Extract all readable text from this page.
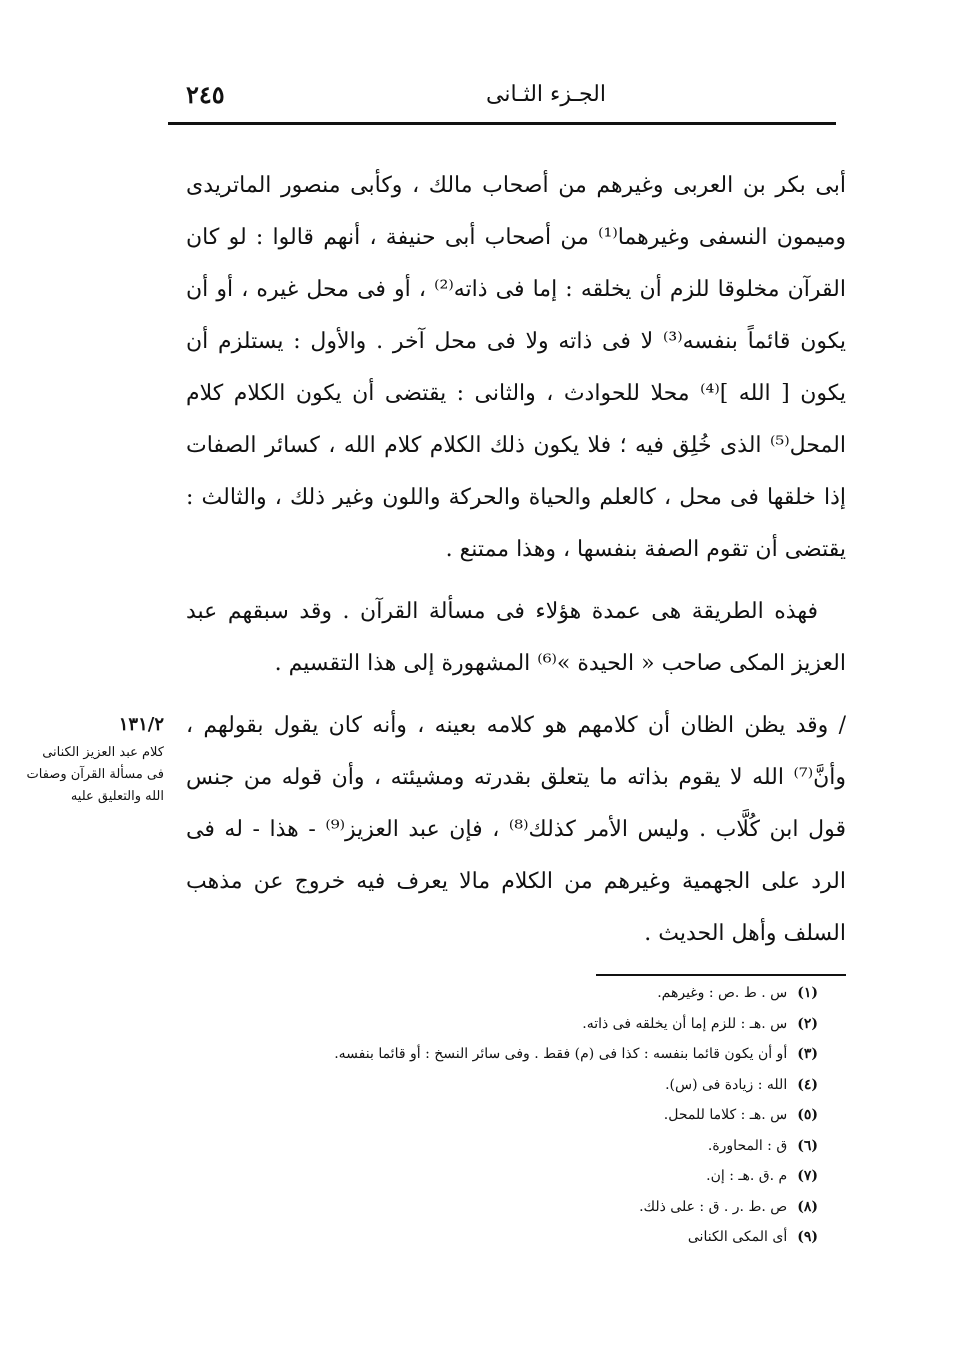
الجـزء الثـانى
٢٤٥

أبى بكر بن العربى وغيرهم من أصحاب مالك ، وكأبى منصور الماتريدى وميمون النسفى وغيرهما⁽¹⁾ من أصحاب أبى حنيفة ، أنهم قالوا : لو كان القرآن مخلوقا للزم أن يخلقه : إما فى ذاته⁽²⁾ ، أو فى محل غيره ، أو أن يكون قائماً بنفسه⁽³⁾ لا فى ذاته ولا فى محل آخر . والأول : يستلزم أن يكون [ الله ]⁽⁴⁾ محلا للحوادث ، والثانى : يقتضى أن يكون الكلام كلام المحل⁽⁵⁾ الذى خُلِق فيه ؛ فلا يكون ذلك الكلام كلام الله ، كسائر الصفات إذا خلقها فى محل ، كالعلم والحياة والحركة واللون وغير ذلك ، والثالث : يقتضى أن تقوم الصفة بنفسها ، وهذا ممتنع .

فهذه الطريقة هى عمدة هؤلاء فى مسألة القرآن . وقد سبقهم عبد العزيز المكى صاحب « الحيدة »⁽⁶⁾ المشهورة إلى هذا التقسيم .

/ وقد يظن الظان أن كلامهم هو كلامه بعينه ، وأنه كان يقول بقولهم ، وأنَّ⁽⁷⁾ الله لا يقوم بذاته ما يتعلق بقدرته ومشيئته ، وأن قوله من جنس قول ابن كُلَّاب . وليس الأمر كذلك⁽⁸⁾ ، فإن عبد العزيز⁽⁹⁾ - هذا - له فى الرد على الجهمية وغيرهم من الكلام مالا يعرف فيه خروج عن مذهب السلف وأهل الحديث .

١٣١/٢
كلام عبد العزيز الكنانى فى مسألة القرآن وصفات الله والتعليق عليه
(١)س . ط .ص : وغيرهم.
(٢)س .هـ : للزم إما أن يخلقه فى ذاته.
(٣)أو أن يكون قائما بنفسه : كذا فى (م) فقط . وفى سائر النسخ : أو قائما بنفسه.
(٤)الله : زيادة فى (س).
(٥)س .هـ : كلاما للمحل.
(٦)ق : المحاورة.
(٧)م .ق .هـ : إن.
(٨)ص .ط .ر . ق : على ذلك.
(٩)أى المكى الكنانى
